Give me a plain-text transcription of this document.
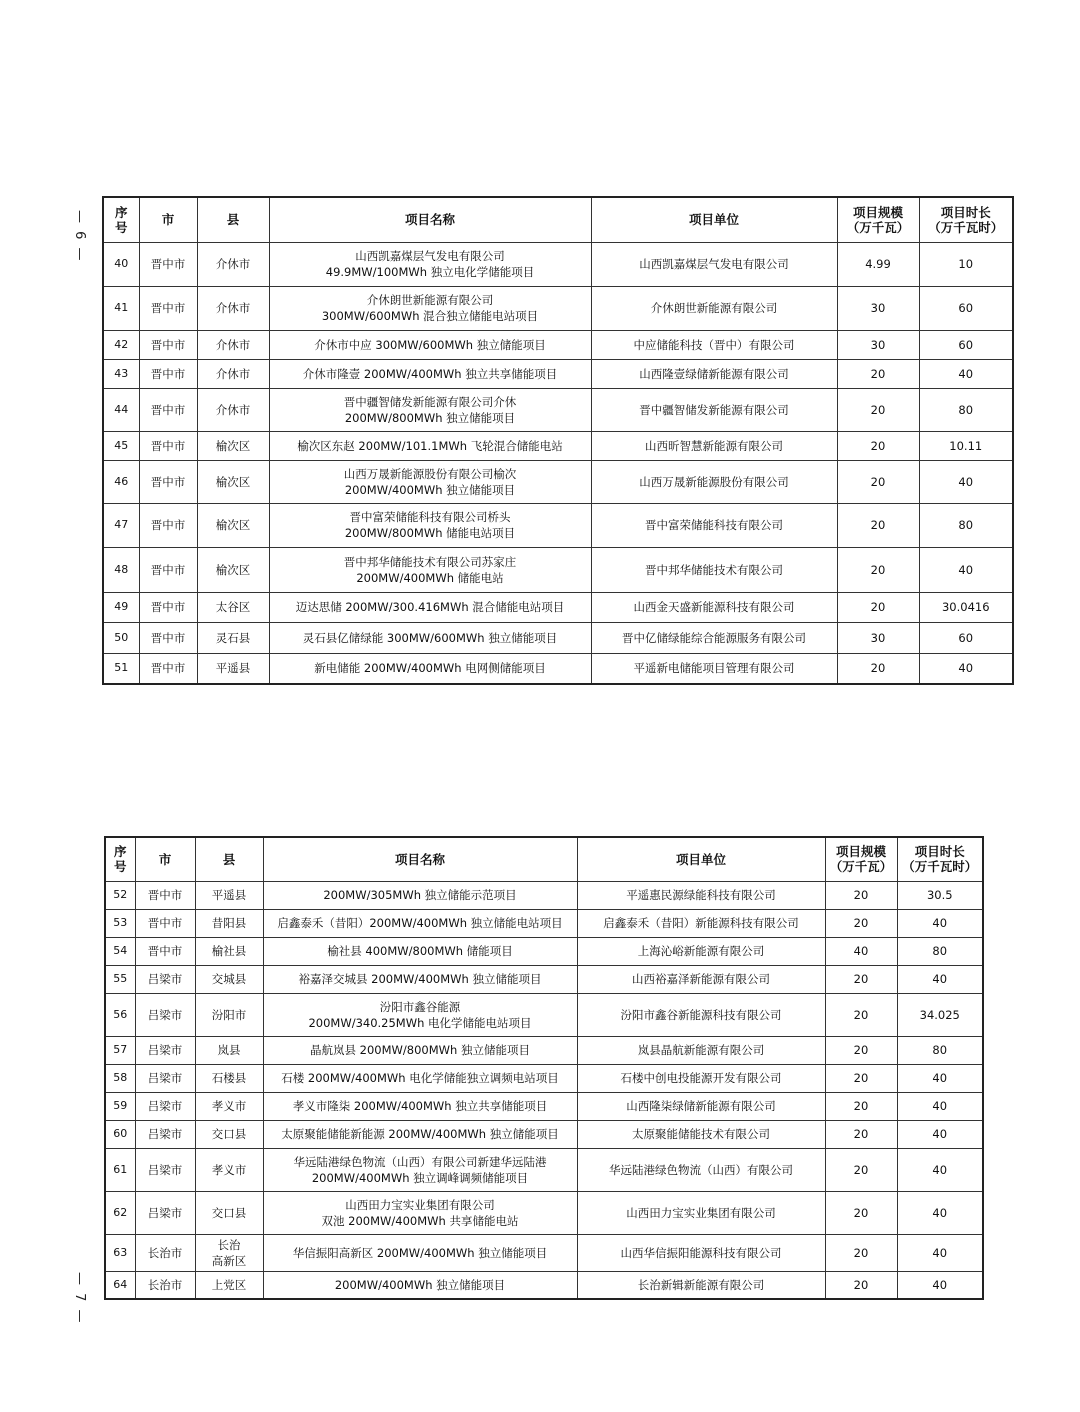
— 6 —
— 7 —
序
号	市	县	项目名称	项目单位	项目规模
（万千瓦）	项目时长
（万千瓦时）

40	晋中市	介休市	山西凯嘉煤层气发电有限公司
49.9MW/100MWh 独立电化学储能项目	山西凯嘉煤层气发电有限公司	4.99	10

41	晋中市	介休市	介休朗世新能源有限公司
300MW/600MWh 混合独立储能电站项目	介休朗世新能源有限公司	30	60

42	晋中市	介休市	介休市中应 300MW/600MWh 独立储能项目	中应储能科技（晋中）有限公司	30	60

43	晋中市	介休市	介休市隆壹 200MW/400MWh 独立共享储能项目	山西隆壹绿储新能源有限公司	20	40

44	晋中市	介休市	晋中疆智储发新能源有限公司介休
200MW/800MWh 独立储能项目	晋中疆智储发新能源有限公司	20	80

45	晋中市	榆次区	榆次区东赵 200MW/101.1MWh 飞轮混合储能电站	山西昕智慧新能源有限公司	20	10.11

46	晋中市	榆次区	山西万晟新能源股份有限公司榆次
200MW/400MWh 独立储能项目	山西万晟新能源股份有限公司	20	40

47	晋中市	榆次区	晋中富荣储能科技有限公司桥头
200MW/800MWh 储能电站项目	晋中富荣储能科技有限公司	20	80

48	晋中市	榆次区	晋中邦华储能技术有限公司苏家庄
200MW/400MWh 储能电站	晋中邦华储能技术有限公司	20	40

49	晋中市	太谷区	迈达思储 200MW/300.416MWh 混合储能电站项目	山西金天盛新能源科技有限公司	20	30.0416

50	晋中市	灵石县	灵石县亿储绿能 300MW/600MWh 独立储能项目	晋中亿储绿能综合能源服务有限公司	30	60

51	晋中市	平遥县	新电储能 200MW/400MWh 电网侧储能项目	平遥新电储能项目管理有限公司	20	40
序
号	市	县	项目名称	项目单位	项目规模
（万千瓦）	项目时长
（万千瓦时）

52	晋中市	平遥县	200MW/305MWh 独立储能示范项目	平遥惠民源绿能科技有限公司	20	30.5

53	晋中市	昔阳县	启鑫泰禾（昔阳）200MW/400MWh 独立储能电站项目	启鑫泰禾（昔阳）新能源科技有限公司	20	40

54	晋中市	榆社县	榆社县 400MW/800MWh 储能项目	上海沁峪新能源有限公司	40	80

55	吕梁市	交城县	裕嘉泽交城县 200MW/400MWh 独立储能项目	山西裕嘉泽新能源有限公司	20	40

56	吕梁市	汾阳市	汾阳市鑫谷能源
200MW/340.25MWh 电化学储能电站项目	汾阳市鑫谷新能源科技有限公司	20	34.025

57	吕梁市	岚县	晶航岚县 200MW/800MWh 独立储能项目	岚县晶航新能源有限公司	20	80

58	吕梁市	石楼县	石楼 200MW/400MWh 电化学储能独立调频电站项目	石楼中创电投能源开发有限公司	20	40

59	吕梁市	孝义市	孝义市隆柒 200MW/400MWh 独立共享储能项目	山西隆柒绿储新能源有限公司	20	40

60	吕梁市	交口县	太原聚能储能新能源 200MW/400MWh 独立储能项目	太原聚能储能技术有限公司	20	40

61	吕梁市	孝义市	华远陆港绿色物流（山西）有限公司新建华远陆港
200MW/400MWh 独立调峰调频储能项目	华远陆港绿色物流（山西）有限公司	20	40

62	吕梁市	交口县	山西田力宝实业集团有限公司
双池 200MW/400MWh 共享储能电站	山西田力宝实业集团有限公司	20	40

63	长治市	长治
高新区	华信振阳高新区 200MW/400MWh 独立储能项目	山西华信振阳能源科技有限公司	20	40

64	长治市	上党区	200MW/400MWh 独立储能项目	长治新辑新能源有限公司	20	40
